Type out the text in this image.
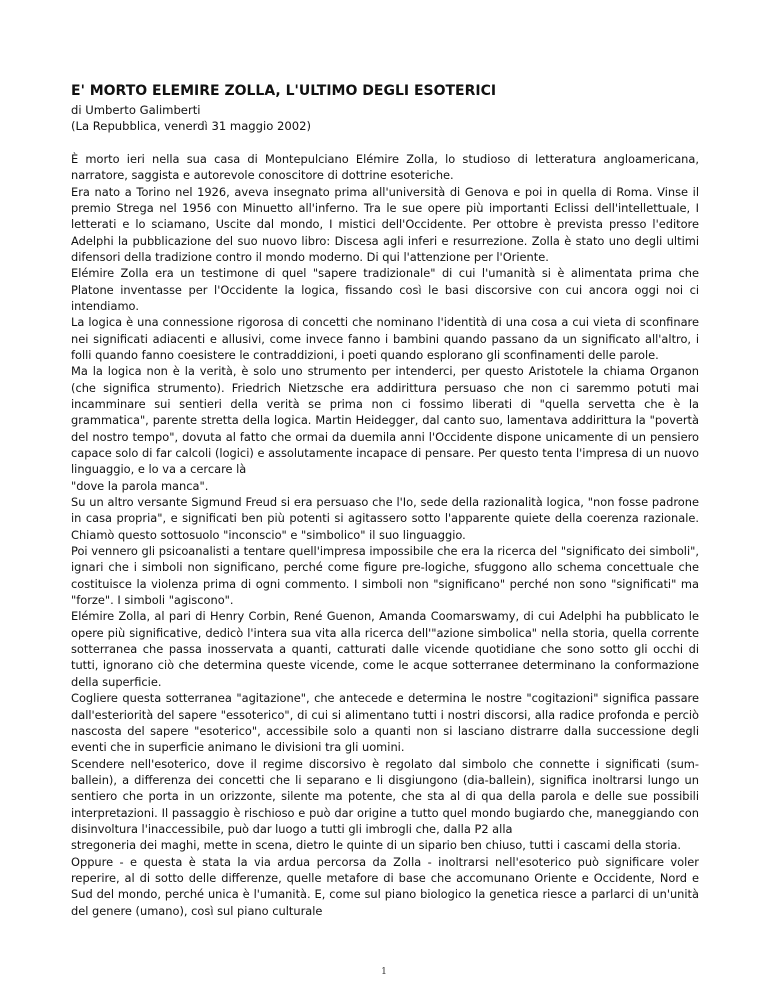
E' MORTO ELEMIRE ZOLLA, L'ULTIMO DEGLI ESOTERICI

di Umberto Galimberti

(La Repubblica, venerdì 31 maggio 2002)

È morto ieri nella sua casa di Montepulciano Elémire Zolla, lo studioso di letteratura angloamericana, narratore, saggista e autorevole conoscitore di dottrine esoteriche.

Era nato a Torino nel 1926, aveva insegnato prima all'università di Genova e poi in quella di Roma. Vinse il premio Strega nel 1956 con Minuetto all'inferno. Tra le sue opere più importanti Eclissi dell'intellettuale, I letterati e lo sciamano, Uscite dal mondo, I mistici dell'Occidente. Per ottobre è prevista presso l'editore Adelphi la pubblicazione del suo nuovo libro: Discesa agli inferi e resurrezione. Zolla è stato uno degli ultimi difensori della tradizione contro il mondo moderno. Di qui l'attenzione per l'Oriente.

Elémire Zolla era un testimone di quel "sapere tradizionale" di cui l'umanità si è alimentata prima che Platone inventasse per l'Occidente la logica, fissando così le basi discorsive con cui ancora oggi noi ci intendiamo.

La logica è una connessione rigorosa di concetti che nominano l'identità di una cosa a cui vieta di sconfinare nei significati adiacenti e allusivi, come invece fanno i bambini quando passano da un significato all'altro, i folli quando fanno coesistere le contraddizioni, i poeti quando esplorano gli sconfinamenti delle parole.

Ma la logica non è la verità, è solo uno strumento per intenderci, per questo Aristotele la chiama Organon (che significa strumento). Friedrich Nietzsche era addirittura persuaso che non ci saremmo potuti mai incamminare sui sentieri della verità se prima non ci fossimo liberati di "quella servetta che è la grammatica", parente stretta della logica. Martin Heidegger, dal canto suo, lamentava addirittura la "povertà del nostro tempo", dovuta al fatto che ormai da duemila anni l'Occidente dispone unicamente di un pensiero capace solo di far calcoli (logici) e assolutamente incapace di pensare. Per questo tenta l'impresa di un nuovo linguaggio, e lo va a cercare là

"dove la parola manca".

Su un altro versante Sigmund Freud si era persuaso che l'Io, sede della razionalità logica, "non fosse padrone in casa propria", e significati ben più potenti si agitassero sotto l'apparente quiete della coerenza razionale. Chiamò questo sottosuolo "inconscio" e "simbolico" il suo linguaggio.

Poi vennero gli psicoanalisti a tentare quell'impresa impossibile che era la ricerca del "significato dei simboli", ignari che i simboli non significano, perché come figure pre-logiche, sfuggono allo schema concettuale che costituisce la violenza prima di ogni commento. I simboli non "significano" perché non sono "significati" ma "forze". I simboli "agiscono".

Elémire Zolla, al pari di Henry Corbin, René Guenon, Amanda Coomarswamy, di cui Adelphi ha pubblicato le opere più significative, dedicò l'intera sua vita alla ricerca dell'"azione simbolica" nella storia, quella corrente sotterranea che passa inosservata a quanti, catturati dalle vicende quotidiane che sono sotto gli occhi di tutti, ignorano ciò che determina queste vicende, come le acque sotterranee determinano la conformazione della superficie.

Cogliere questa sotterranea "agitazione", che antecede e determina le nostre "cogitazioni" significa passare dall'esteriorità del sapere "essoterico", di cui si alimentano tutti i nostri discorsi, alla radice profonda e perciò nascosta del sapere "esoterico", accessibile solo a quanti non si lasciano distrarre dalla successione degli eventi che in superficie animano le divisioni tra gli uomini.

Scendere nell'esoterico, dove il regime discorsivo è regolato dal simbolo che connette i significati (sum-ballein), a differenza dei concetti che li separano e li disgiungono (dia-ballein), significa inoltrarsi lungo un sentiero che porta in un orizzonte, silente ma potente, che sta al di qua della parola e delle sue possibili interpretazioni. Il passaggio è rischioso e può dar origine a tutto quel mondo bugiardo che, maneggiando con disinvoltura l'inaccessibile, può dar luogo a tutti gli imbrogli che, dalla P2 alla

stregoneria dei maghi, mette in scena, dietro le quinte di un sipario ben chiuso, tutti i cascami della storia.

Oppure - e questa è stata la via ardua percorsa da Zolla - inoltrarsi nell'esoterico può significare voler reperire, al di sotto delle differenze, quelle metafore di base che accomunano Oriente e Occidente, Nord e Sud del mondo, perché unica è l'umanità. E, come sul piano biologico la genetica riesce a parlarci di un'unità del genere (umano), così sul piano culturale

1
